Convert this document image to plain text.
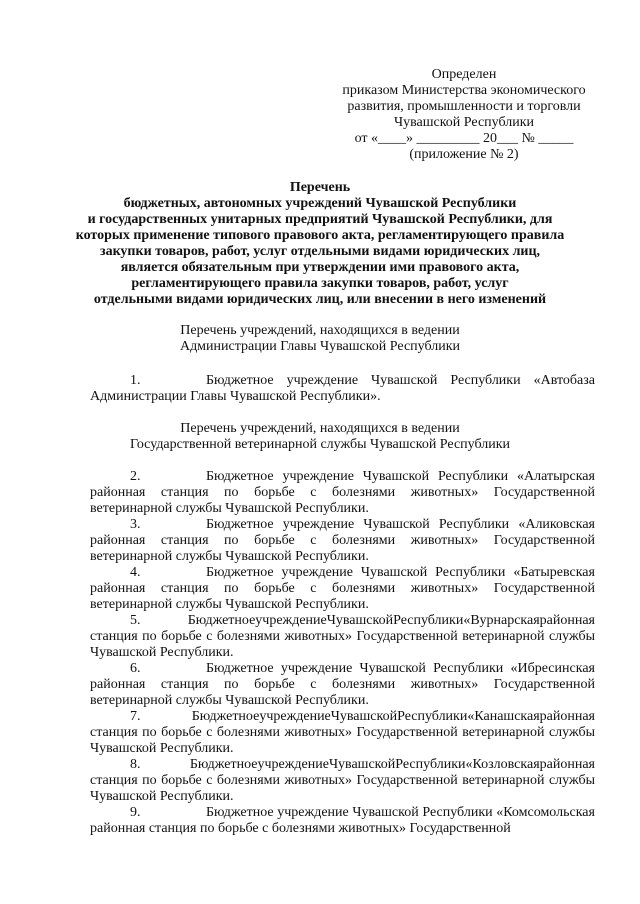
Определен
приказом Министерства экономического
развития, промышленности и торговли
Чувашской Республики
от «____» _________ 20___ № _____
(приложение № 2)
Перечень
бюджетных, автономных учреждений Чувашской Республики
и государственных унитарных предприятий Чувашской Республики, для
которых применение типового правового акта, регламентирующего правила
закупки товаров, работ, услуг отдельными видами юридических лиц,
является обязательным при утверждении ими правового акта,
регламентирующего правила закупки товаров, работ, услуг
отдельными видами юридических лиц, или внесении в него изменений
Перечень учреждений, находящихся в ведении
Администрации Главы Чувашской Республики
1.	Бюджетное учреждение Чувашской Республики «Автобаза
Администрации Главы Чувашской Республики».
Перечень учреждений, находящихся в ведении
Государственной ветеринарной службы Чувашской Республики
2.	Бюджетное учреждение Чувашской Республики «Алатырская
районная станция по борьбе с болезнями животных» Государственной
ветеринарной службы Чувашской Республики.
3.	Бюджетное учреждение Чувашской Республики «Аликовская
районная станция по борьбе с болезнями животных» Государственной
ветеринарной службы Чувашской Республики.
4.	Бюджетное учреждение Чувашской Республики «Батыревская
районная станция по борьбе с болезнями животных» Государственной
ветеринарной службы Чувашской Республики.
5.	Бюджетное учреждение Чувашской Республики «Вурнарская районная
станция по борьбе с болезнями животных» Государственной ветеринарной службы
Чувашской Республики.
6.	Бюджетное учреждение Чувашской Республики «Ибресинская
районная станция по борьбе с болезнями животных» Государственной
ветеринарной службы Чувашской Республики.
7.	Бюджетное учреждение Чувашской Республики «Канашская районная
станция по борьбе с болезнями животных» Государственной ветеринарной службы
Чувашской Республики.
8.	Бюджетное учреждение Чувашской Республики «Козловская районная
станция по борьбе с болезнями животных» Государственной ветеринарной службы
Чувашской Республики.
9.	Бюджетное учреждение Чувашской Республики «Комсомольская
районная станция по борьбе с болезнями животных» Государственной
